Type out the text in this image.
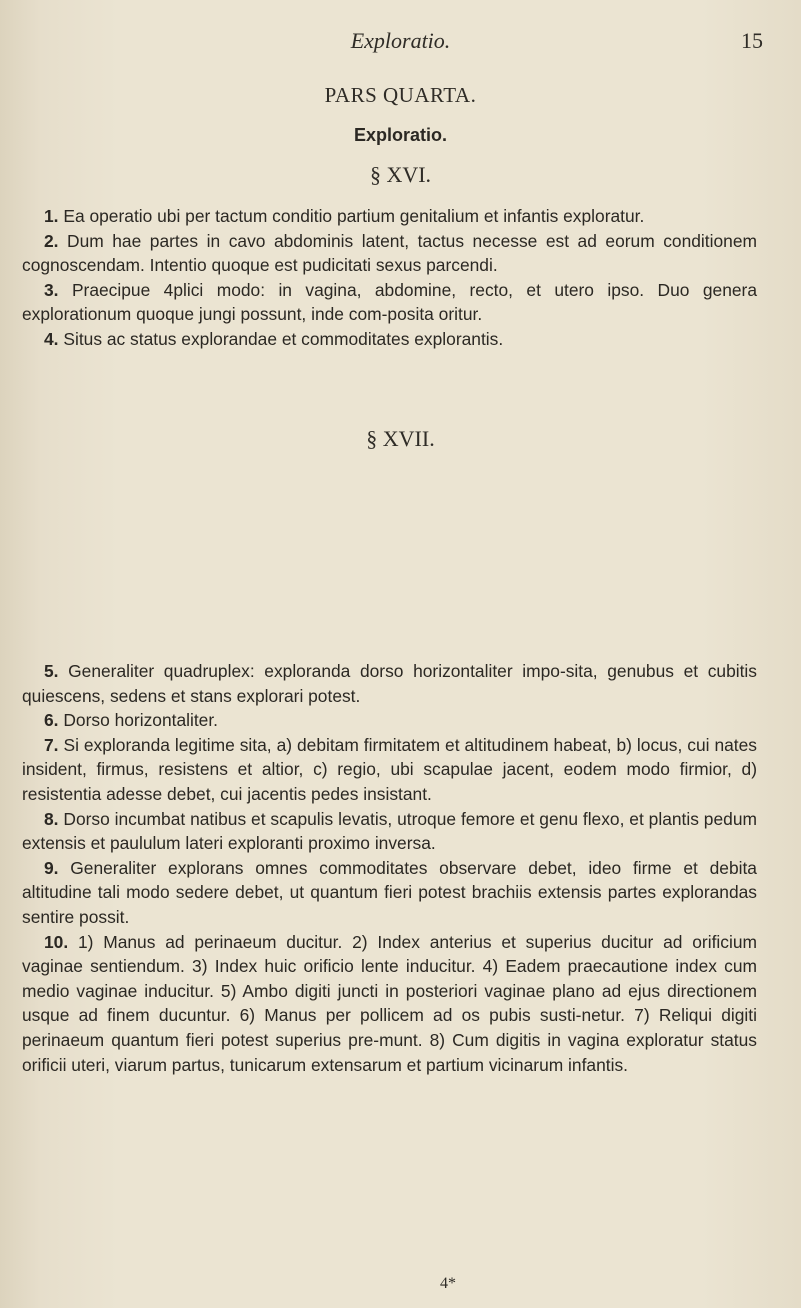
Exploratio.	15
PARS QUARTA.
Exploratio.
§ XVI.

1. Ea operatio ubi per tactum conditio partium genitalium et infantis exploratur.

2. Dum hae partes in cavo abdominis latent, tactus necesse est ad eorum conditionem cognoscendam. Intentio quoque est pudicitati sexus parcendi.

3. Praecipue 4plici modo: in vagina, abdomine, recto, et utero ipso. Duo genera explorationum quoque jungi possunt, inde com-posita oritur.

4. Situs ac status explorandae et commoditates explorantis.

§ XVII.

5. Generaliter quadruplex: exploranda dorso horizontaliter impo-sita, genubus et cubitis quiescens, sedens et stans explorari potest.

6. Dorso horizontaliter.

7. Si exploranda legitime sita, a) debitam firmitatem et altitudinem habeat, b) locus, cui nates insident, firmus, resistens et altior, c) regio, ubi scapulae jacent, eodem modo firmior, d) resistentia adesse debet, cui jacentis pedes insistant.

8. Dorso incumbat natibus et scapulis levatis, utroque femore et genu flexo, et plantis pedum extensis et paululum lateri exploranti proximo inversa.

9. Generaliter explorans omnes commoditates observare debet, ideo firme et debita altitudine tali modo sedere debet, ut quantum fieri potest brachiis extensis partes explorandas sentire possit.

10. 1) Manus ad perinaeum ducitur. 2) Index anterius et superius ducitur ad orificium vaginae sentiendum. 3) Index huic orificio lente inducitur. 4) Eadem praecautione index cum medio vaginae inducitur. 5) Ambo digiti juncti in posteriori vaginae plano ad ejus directionem usque ad finem ducuntur. 6) Manus per pollicem ad os pubis susti-netur. 7) Reliqui digiti perinaeum quantum fieri potest superius pre-munt. 8) Cum digitis in vagina exploratur status orificii uteri, viarum partus, tunicarum extensarum et partium vicinarum infantis.

4*
